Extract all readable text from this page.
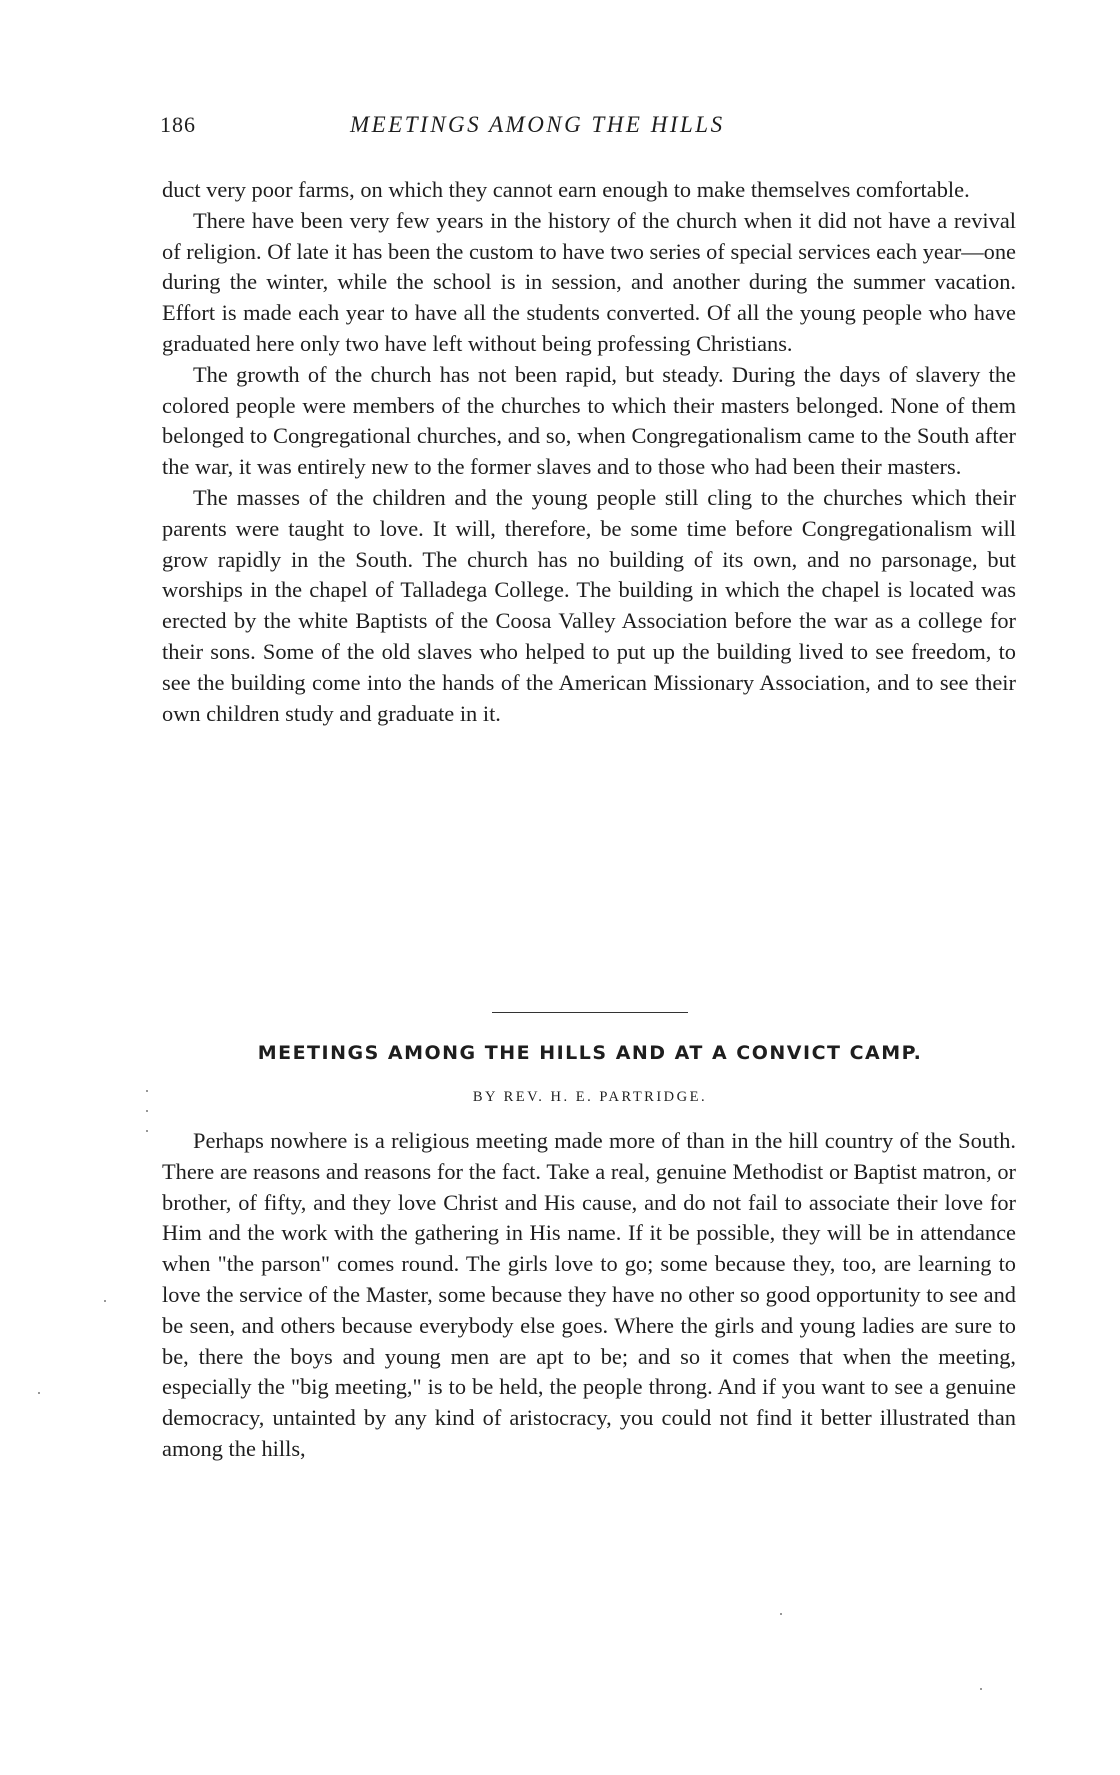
186	MEETINGS AMONG THE HILLS

duct very poor farms, on which they cannot earn enough to make themselves comfortable.

There have been very few years in the history of the church when it did not have a revival of religion. Of late it has been the custom to have two series of special services each year—one during the winter, while the school is in session, and another during the summer vacation. Effort is made each year to have all the students converted. Of all the young people who have graduated here only two have left without being professing Christians.

The growth of the church has not been rapid, but steady. During the days of slavery the colored people were members of the churches to which their masters belonged. None of them belonged to Congregational churches, and so, when Congregationalism came to the South after the war, it was entirely new to the former slaves and to those who had been their masters.

The masses of the children and the young people still cling to the churches which their parents were taught to love. It will, therefore, be some time before Congregationalism will grow rapidly in the South. The church has no building of its own, and no parsonage, but worships in the chapel of Talladega College. The building in which the chapel is located was erected by the white Baptists of the Coosa Valley Association before the war as a college for their sons. Some of the old slaves who helped to put up the building lived to see freedom, to see the building come into the hands of the American Missionary Association, and to see their own children study and graduate in it.

MEETINGS AMONG THE HILLS AND AT A CONVICT CAMP.
BY REV. H. E. PARTRIDGE.

Perhaps nowhere is a religious meeting made more of than in the hill country of the South. There are reasons and reasons for the fact. Take a real, genuine Methodist or Baptist matron, or brother, of fifty, and they love Christ and His cause, and do not fail to associate their love for Him and the work with the gathering in His name. If it be possible, they will be in attendance when "the parson" comes round. The girls love to go; some because they, too, are learning to love the service of the Master, some because they have no other so good opportunity to see and be seen, and others because everybody else goes. Where the girls and young ladies are sure to be, there the boys and young men are apt to be; and so it comes that when the meeting, especially the "big meeting," is to be held, the people throng. And if you want to see a genuine democracy, untainted by any kind of aristocracy, you could not find it better illustrated than among the hills,
